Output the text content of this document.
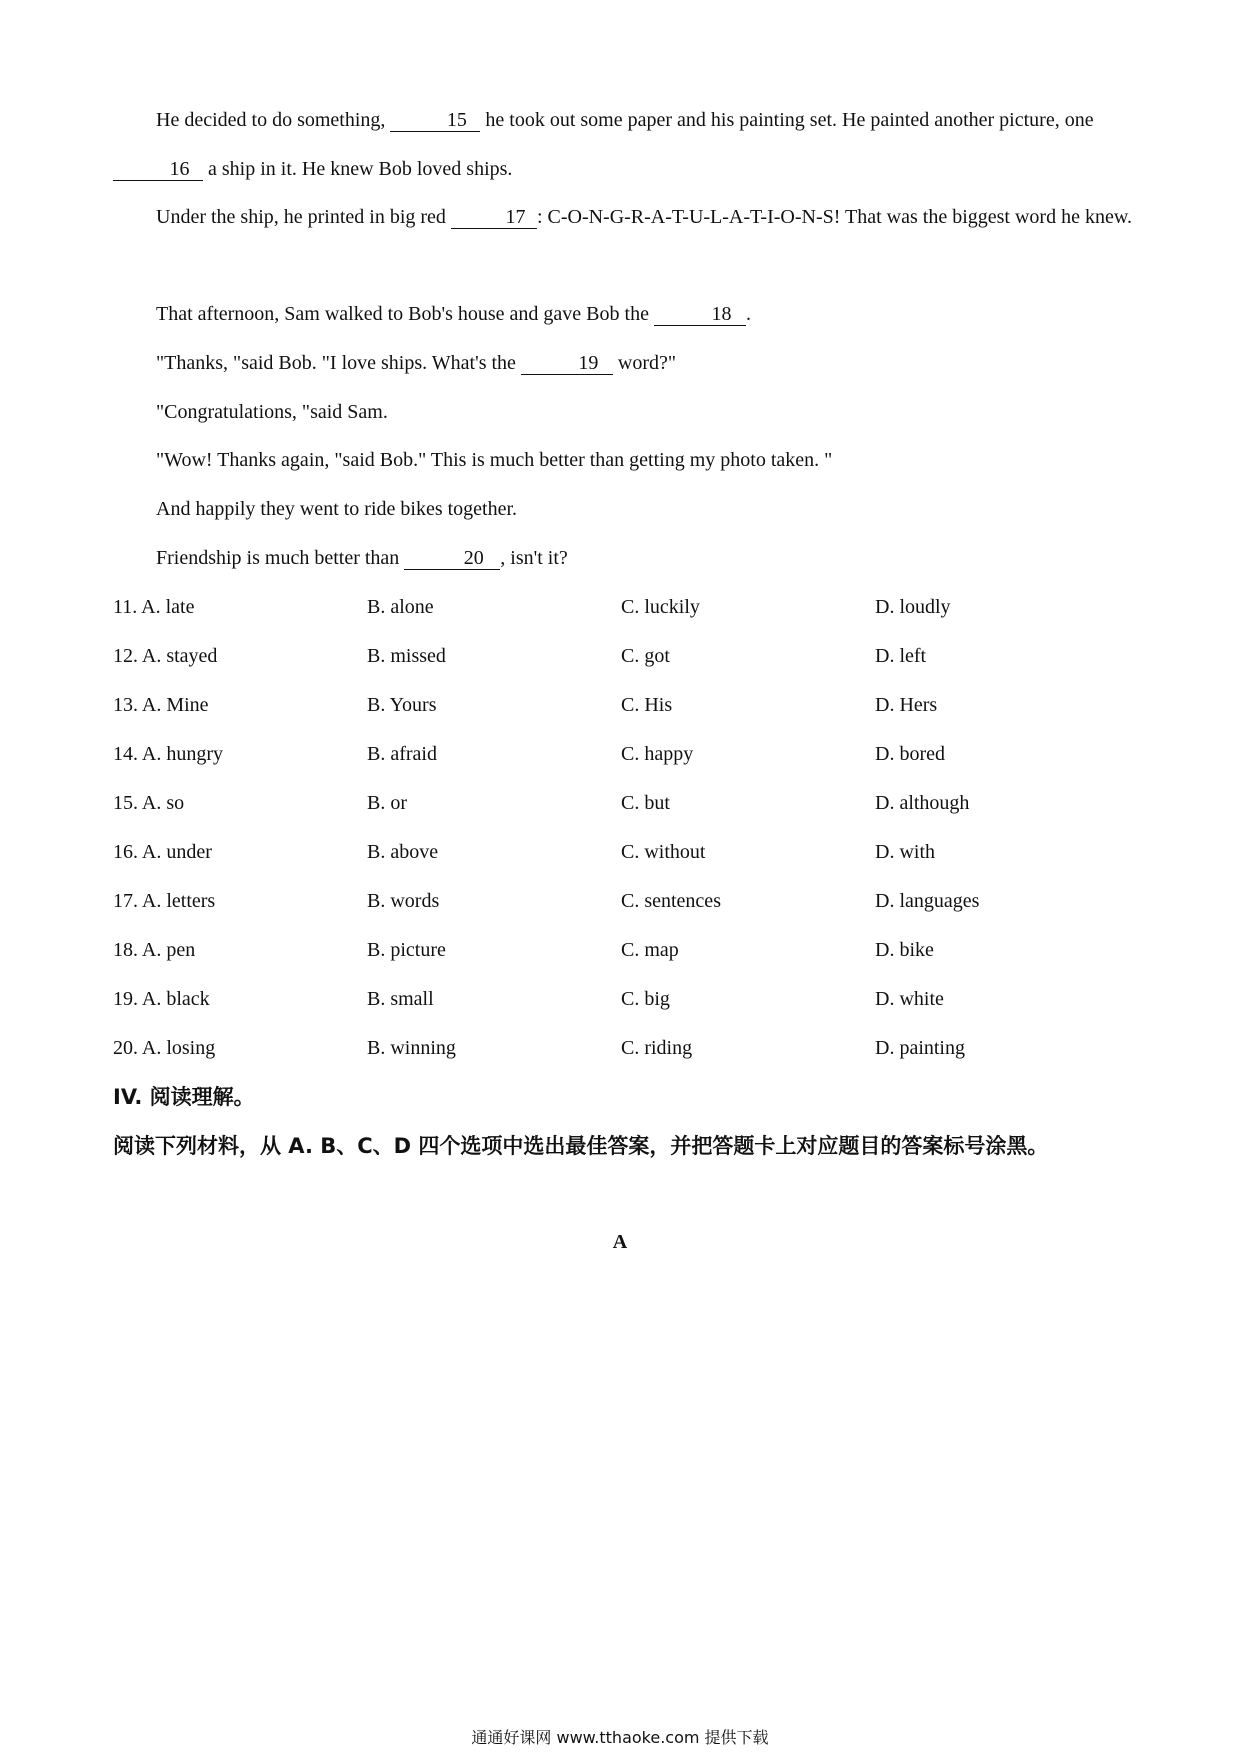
He decided to do something,	15 he took out some paper and his painting set. He painted another picture, one 16 a ship in it. He knew Bob loved ships.

Under the ship, he printed in big red	17 : C-O-N-G-R-A-T-U-L-A-T-I-O-N-S! That was the biggest word he knew.

That afternoon, Sam walked to Bob's house and gave Bob the	18 .

"Thanks, "said Bob. "I love ships. What's the	19 word?"

"Congratulations, "said Sam.

"Wow! Thanks again, "said Bob." This is much better than getting my photo taken. "

And happily they went to ride bikes together.

Friendship is much better than	20 , isn't it?

11. A. late	B. alone	C. luckily	D. loudly
12. A. stayed	B. missed	C. got	D. left
13. A. Mine	B. Yours	C. His	D. Hers
14. A. hungry	B. afraid	C. happy	D. bored
15. A. so	B. or	C. but	D. although
16. A. under	B. above	C. without	D. with
17. A. letters	B. words	C. sentences	D. languages
18. A. pen	B. picture	C. map	D. bike
19. A. black	B. small	C. big	D. white
20. A. losing	B. winning	C. riding	D. painting

IV. 阅读理解。

阅读下列材料，从 A. B、C、D 四个选项中选出最佳答案，并把答题卡上对应题目的答案标号涂黑。

A
通通好课网 www.tthaoke.com 提供下载
